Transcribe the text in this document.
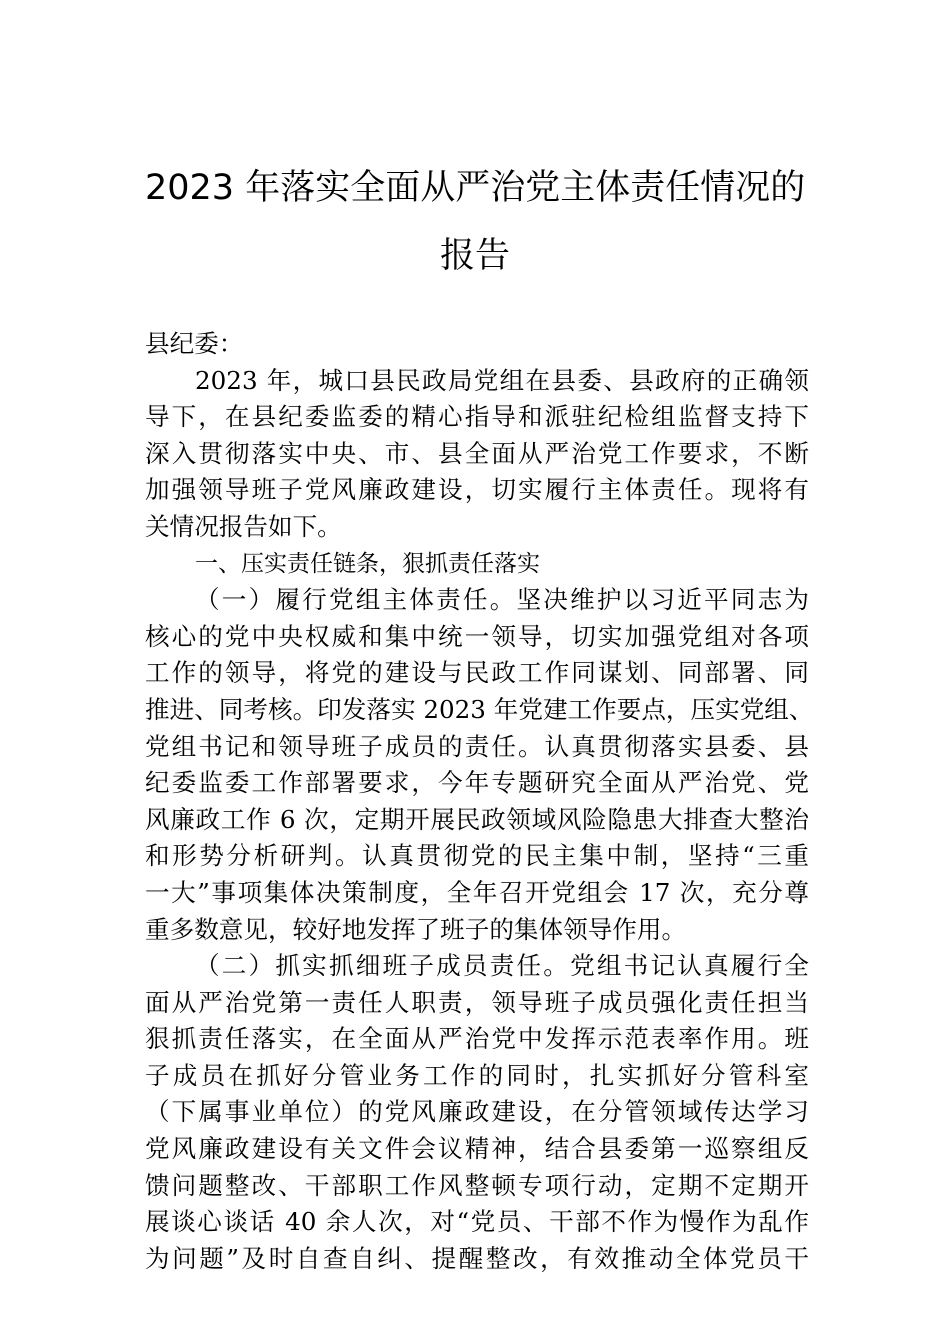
2023 年落实全面从严治党主体责任情况的
报告
县纪委：
2023 年，城口县民政局党组在县委、县政府的正确领
导下，在县纪委监委的精心指导和派驻纪检组监督支持下
深入贯彻落实中央、市、县全面从严治党工作要求，不断
加强领导班子党风廉政建设，切实履行主体责任。现将有
关情况报告如下。
一、压实责任链条，狠抓责任落实
（一）履行党组主体责任。坚决维护以习近平同志为
核心的党中央权威和集中统一领导，切实加强党组对各项
工作的领导，将党的建设与民政工作同谋划、同部署、同
推进、同考核。印发落实 2023 年党建工作要点，压实党组、
党组书记和领导班子成员的责任。认真贯彻落实县委、县
纪委监委工作部署要求，今年专题研究全面从严治党、党
风廉政工作 6 次，定期开展民政领域风险隐患大排查大整治
和形势分析研判。认真贯彻党的民主集中制，坚持“三重
一大”事项集体决策制度，全年召开党组会 17 次，充分尊
重多数意见，较好地发挥了班子的集体领导作用。
（二）抓实抓细班子成员责任。党组书记认真履行全
面从严治党第一责任人职责，领导班子成员强化责任担当
狠抓责任落实，在全面从严治党中发挥示范表率作用。班
子成员在抓好分管业务工作的同时，扎实抓好分管科室
（下属事业单位）的党风廉政建设，在分管领域传达学习
党风廉政建设有关文件会议精神，结合县委第一巡察组反
馈问题整改、干部职工作风整顿专项行动，定期不定期开
展谈心谈话 40 余人次，对“党员、干部不作为慢作为乱作
为问题”及时自查自纠、提醒整改，有效推动全体党员干
